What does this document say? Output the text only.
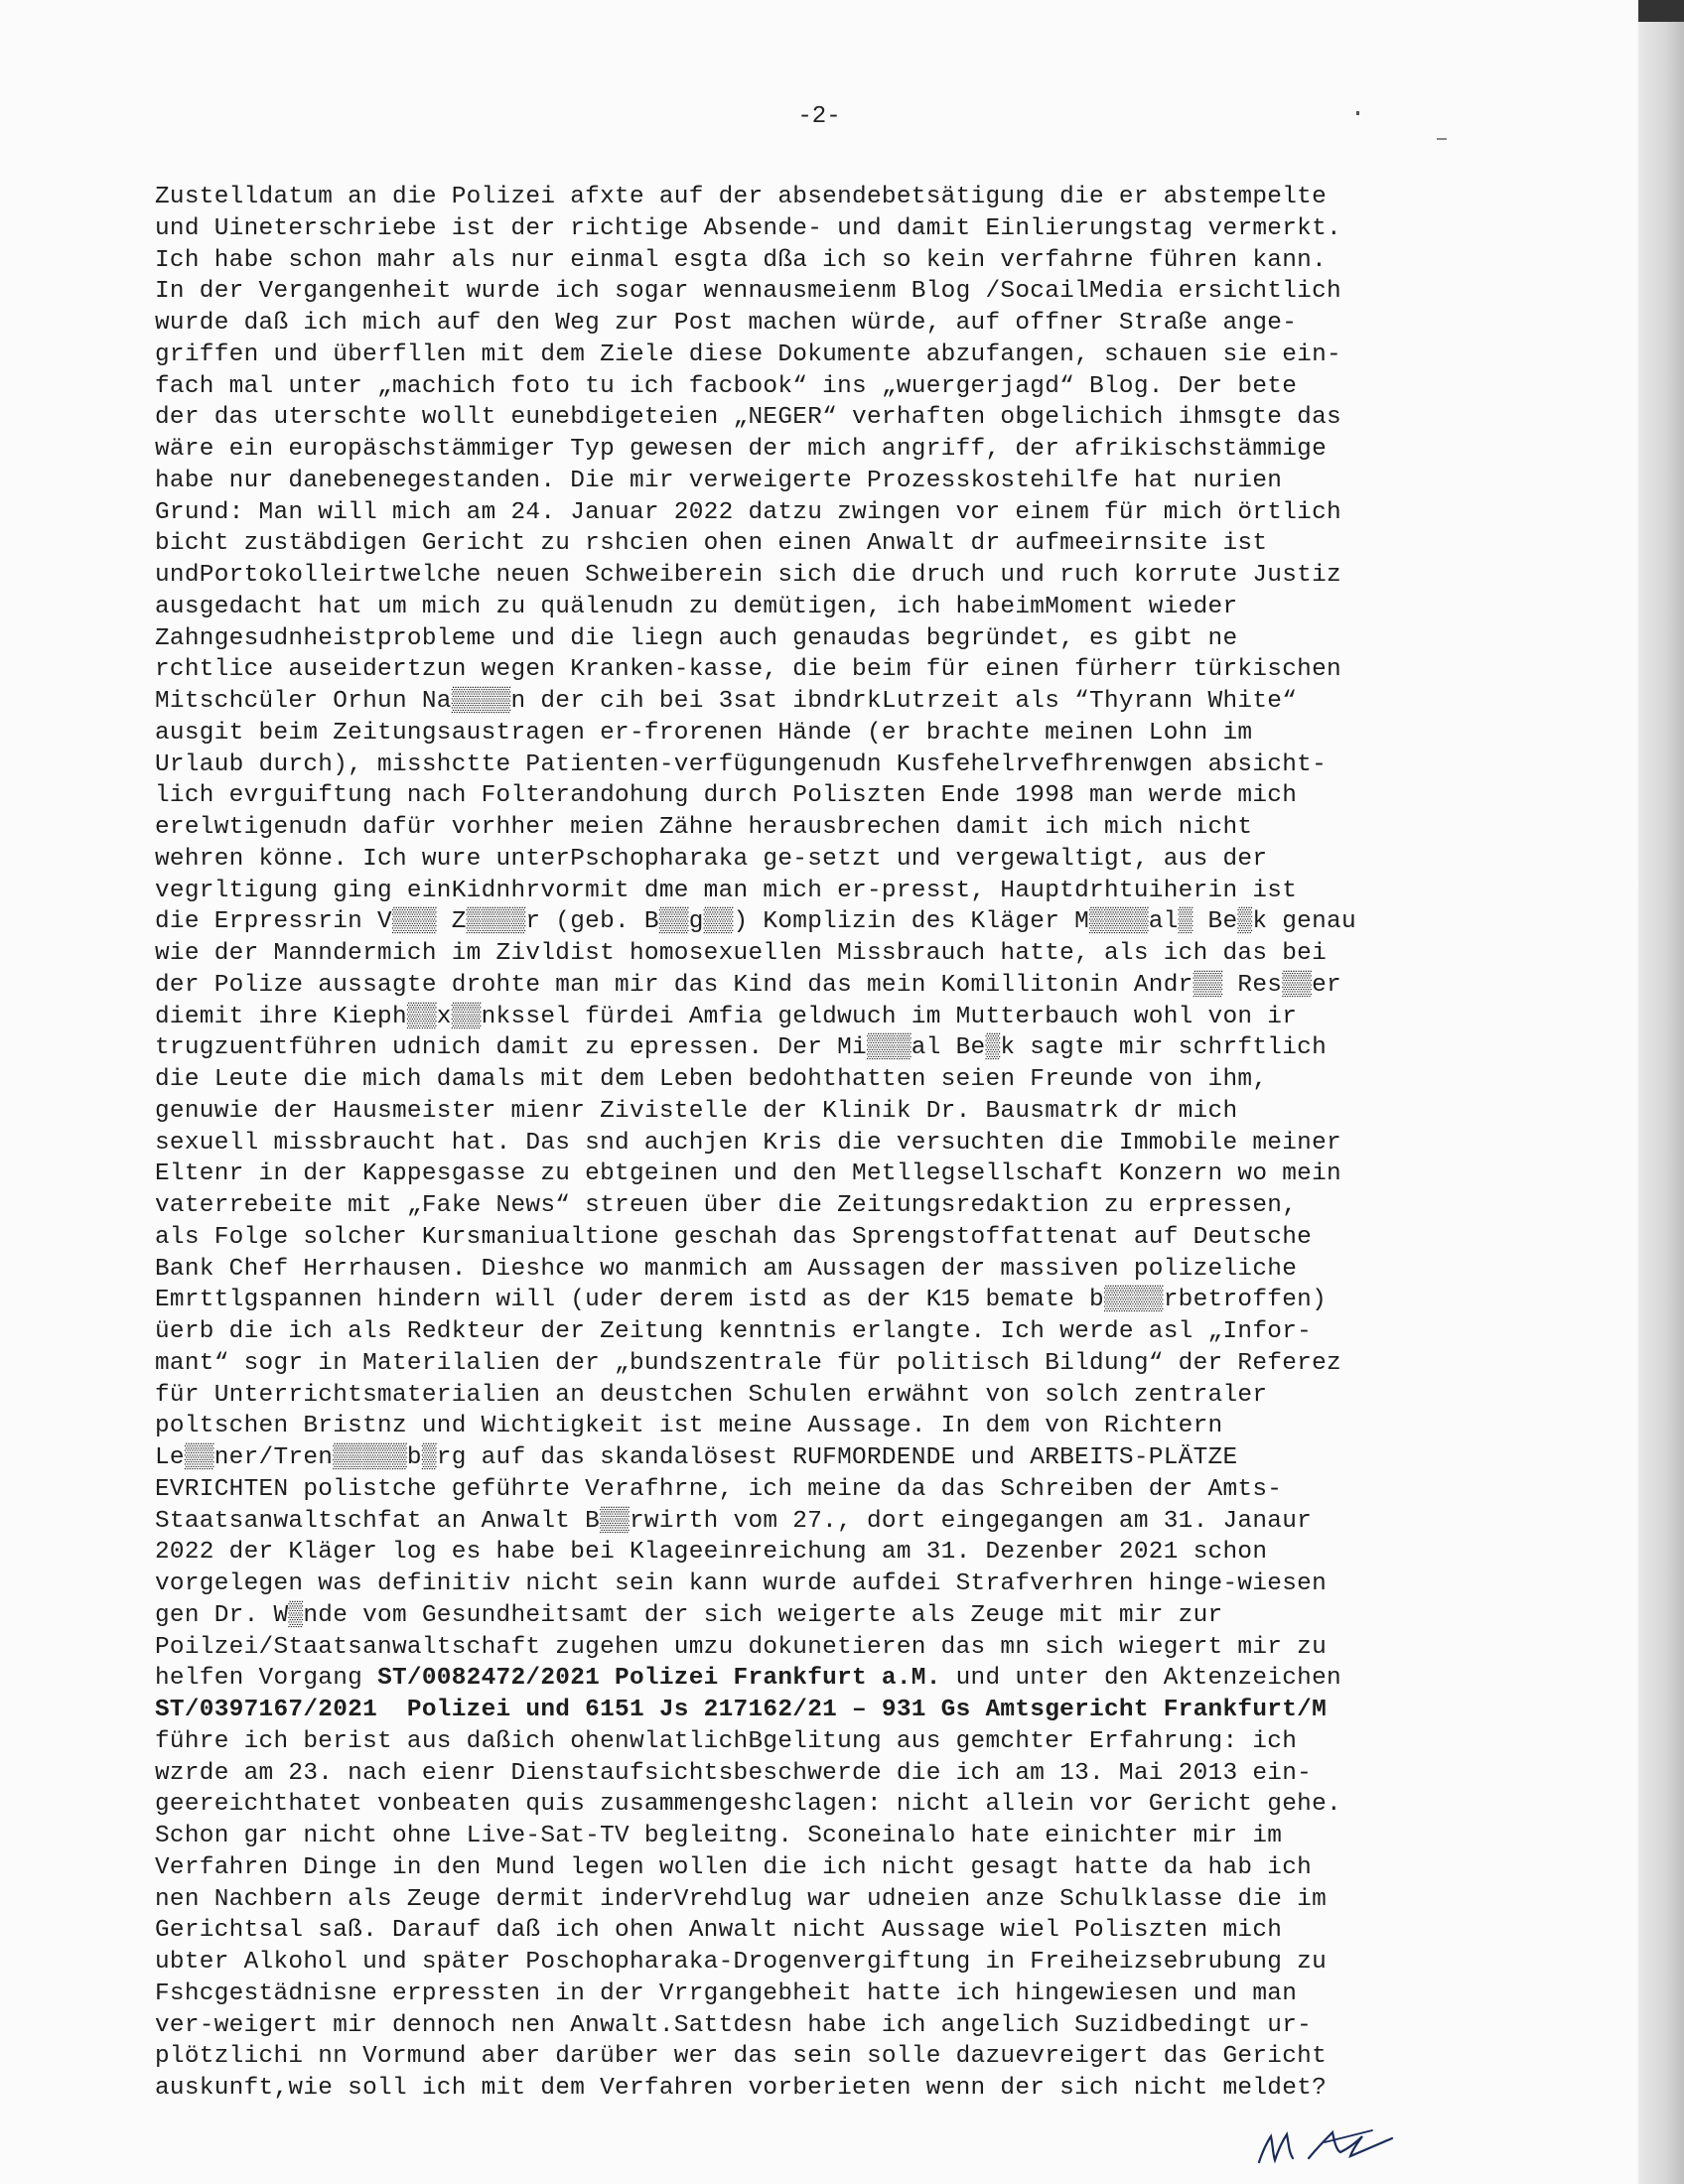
-2-
Zustelldatum an die Polizei afxte auf der absendebetsätigung die er abstempelte
und Uineterschriebe ist der richtige Absende- und damit Einlierungstag vermerkt.
Ich habe schon mahr als nur einmal esgta dßa ich so kein verfahrne führen kann.
In der Vergangenheit wurde ich sogar wennausmeienm Blog /SocailMedia ersichtlich
wurde daß ich mich auf den Weg zur Post machen würde, auf offner Straße ange-
griffen und überfllen mit dem Ziele diese Dokumente abzufangen, schauen sie ein-
fach mal unter „machich foto tu ich facbook“ ins „wuergerjagd“ Blog. Der bete
der das uterschte wollt eunebdigeteien „NEGER“ verhaften obgelichich ihmsgte das
wäre ein europäschstämmiger Typ gewesen der mich angriff, der afrikischstämmige
habe nur danebenegestanden. Die mir verweigerte Prozesskostehilfe hat nurien
Grund: Man will mich am 24. Januar 2022 datzu zwingen vor einem für mich örtlich
bicht zustäbdigen Gericht zu rshcien ohen einen Anwalt dr aufmeeirnsite ist
undPortokolleirtwelche neuen Schweiberein sich die druch und ruch korrute Justiz
ausgedacht hat um mich zu quälenudn zu demütigen, ich habeimMoment wieder
Zahngesudnheistprobleme und die liegn auch genaudas begründet, es gibt ne
rchtlice auseidertzun wegen Kranken-kasse, die beim für einen fürherr türkischen
Mitschcüler Orhun Na▒▒▒▒n der cih bei 3sat ibndrkLutrzeit als “Thyrann White“
ausgit beim Zeitungsaustragen er-frorenen Hände (er brachte meinen Lohn im
Urlaub durch), misshctte Patienten-verfügungenudn Kusfehelrvefhrenwgen absicht-
lich evrguiftung nach Folterandohung durch Poliszten Ende 1998 man werde mich
erelwtigenudn dafür vorhher meien Zähne herausbrechen damit ich mich nicht
wehren könne. Ich wure unterPschopharaka ge-setzt und vergewaltigt, aus der
vegrltigung ging einKidnhrvormit dme man mich er-presst, Hauptdrhtuiherin ist
die Erpressrin V▒▒▒ Z▒▒▒▒r (geb. B▒▒g▒▒) Komplizin des Kläger M▒▒▒▒al▒ Be▒k genau
wie der Manndermich im Zivldist homosexuellen Missbrauch hatte, als ich das bei
der Polize aussagte drohte man mir das Kind das mein Komillitonin Andr▒▒ Res▒▒er
diemit ihre Kieph▒▒x▒▒nkssel fürdei Amfia geldwuch im Mutterbauch wohl von ir
trugzuentführen udnich damit zu epressen. Der Mi▒▒▒al Be▒k sagte mir schrftlich
die Leute die mich damals mit dem Leben bedohthatten seien Freunde von ihm,
genuwie der Hausmeister mienr Zivistelle der Klinik Dr. Bausmatrk dr mich
sexuell missbraucht hat. Das snd auchjen Kris die versuchten die Immobile meiner
Eltenr in der Kappesgasse zu ebtgeinen und den Metllegsellschaft Konzern wo mein
vaterrebeite mit „Fake News“ streuen über die Zeitungsredaktion zu erpressen,
als Folge solcher Kursmaniualtione geschah das Sprengstoffattenat auf Deutsche
Bank Chef Herrhausen. Dieshce wo manmich am Aussagen der massiven polizeliche
Emrttlgspannen hindern will (uder derem istd as der K15 bemate b▒▒▒▒rbetroffen)
üerb die ich als Redkteur der Zeitung kenntnis erlangte. Ich werde asl „Infor-
mant“ sogr in Materilalien der „bundszentrale für politisch Bildung“ der Referez
für Unterrichtsmaterialien an deustchen Schulen erwähnt von solch zentraler
poltschen Bristnz und Wichtigkeit ist meine Aussage. In dem von Richtern
Le▒▒ner/Tren▒▒▒▒▒b▒rg auf das skandalösest RUFMORDENDE und ARBEITS-PLÄTZE
EVRICHTEN polistche geführte Verafhrne, ich meine da das Schreiben der Amts-
Staatsanwaltschfat an Anwalt B▒▒rwirth vom 27., dort eingegangen am 31. Janaur
2022 der Kläger log es habe bei Klageeinreichung am 31. Dezenber 2021 schon
vorgelegen was definitiv nicht sein kann wurde aufdei Strafverhren hinge-wiesen
gen Dr. W▒nde vom Gesundheitsamt der sich weigerte als Zeuge mit mir zur
Poilzei/Staatsanwaltschaft zugehen umzu dokunetieren das mn sich wiegert mir zu
helfen Vorgang ST/0082472/2021 Polizei Frankfurt a.M. und unter den Aktenzeichen
ST/0397167/2021  Polizei und 6151 Js 217162/21 – 931 Gs Amtsgericht Frankfurt/M
führe ich berist aus daßich ohenwlatlichBgelitung aus gemchter Erfahrung: ich
wzrde am 23. nach eienr Dienstaufsichtsbeschwerde die ich am 13. Mai 2013 ein-
geereichthatet vonbeaten quis zusammengeshclagen: nicht allein vor Gericht gehe.
Schon gar nicht ohne Live-Sat-TV begleitng. Sconeinalo hate einichter mir im
Verfahren Dinge in den Mund legen wollen die ich nicht gesagt hatte da hab ich
nen Nachbern als Zeuge dermit inderVrehdlug war udneien anze Schulklasse die im
Gerichtsal saß. Darauf daß ich ohen Anwalt nicht Aussage wiel Poliszten mich
ubter Alkohol und später Poschopharaka-Drogenvergiftung in Freiheizsebrubung zu
Fshcgestädnisne erpressten in der Vrrgangebheit hatte ich hingewiesen und man
ver-weigert mir dennoch nen Anwalt.Sattdesn habe ich angelich Suzidbedingt ur-
plötzlichi nn Vormund aber darüber wer das sein solle dazuevreigert das Gericht
auskunft,wie soll ich mit dem Verfahren vorberieten wenn der sich nicht meldet?
